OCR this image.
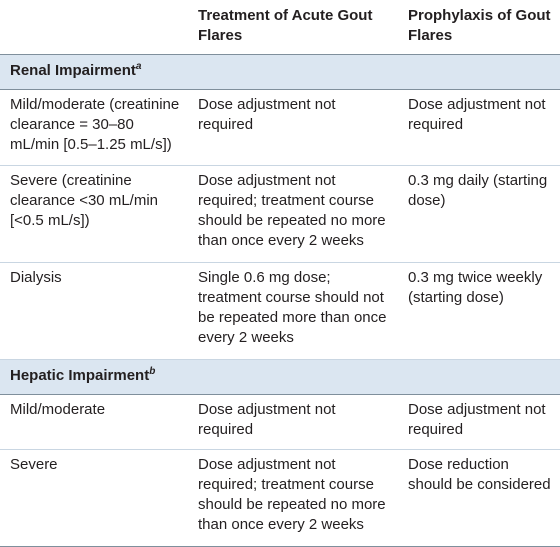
	Treatment of Acute Gout Flares	Prophylaxis of Gout Flares
Renal Impairment$^a$
Mild/moderate (creatinine clearance = 30–80 mL/min [0.5–1.25 mL/s])	Dose adjustment not required	Dose adjustment not required
Severe (creatinine clearance <30 mL/min [<0.5 mL/s])	Dose adjustment not required; treatment course should be repeated no more than once every 2 weeks	0.3 mg daily (starting dose)
Dialysis	Single 0.6 mg dose; treatment course should not be repeated more than once every 2 weeks	0.3 mg twice weekly (starting dose)
Hepatic Impairment$^b$
Mild/moderate	Dose adjustment not required	Dose adjustment not required
Severe	Dose adjustment not required; treatment course should be repeated no more than once every 2 weeks	Dose reduction should be considered
